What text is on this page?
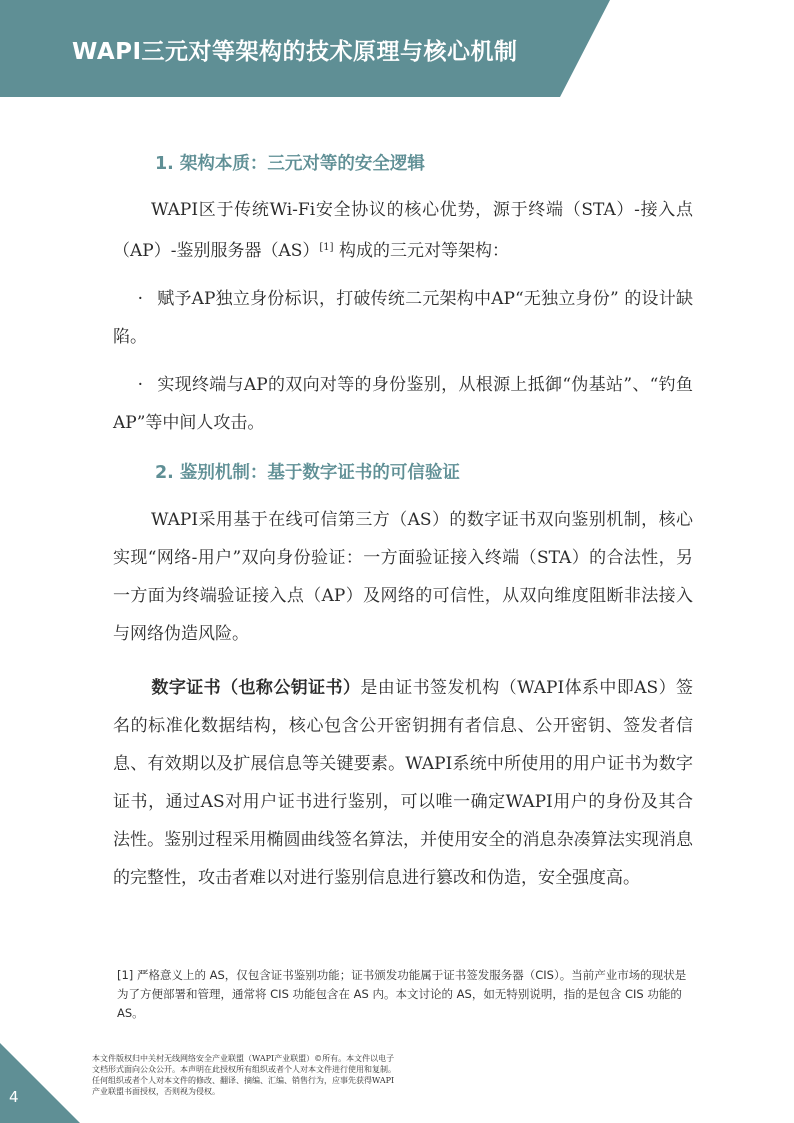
WAPI三元对等架构的技术原理与核心机制
1. 架构本质：三元对等的安全逻辑

WAPI区于传统Wi-Fi安全协议的核心优势，源于终端（STA）-接入点（AP）-鉴别服务器（AS）[1] 构成的三元对等架构：

· 赋予AP独立身份标识，打破传统二元架构中AP“无独立身份” 的设计缺陷。

· 实现终端与AP的双向对等的身份鉴别，从根源上抵御“伪基站”、“钓鱼AP”等中间人攻击。

2. 鉴别机制：基于数字证书的可信验证

WAPI采用基于在线可信第三方（AS）的数字证书双向鉴别机制，核心实现“网络-用户”双向身份验证：一方面验证接入终端（STA）的合法性，另一方面为终端验证接入点（AP）及网络的可信性，从双向维度阻断非法接入与网络伪造风险。

数字证书（也称公钥证书）是由证书签发机构（WAPI体系中即AS）签名的标准化数据结构，核心包含公开密钥拥有者信息、公开密钥、签发者信息、有效期以及扩展信息等关键要素。WAPI系统中所使用的用户证书为数字证书，通过AS对用户证书进行鉴别，可以唯一确定WAPI用户的身份及其合法性。鉴别过程采用椭圆曲线签名算法，并使用安全的消息杂凑算法实现消息的完整性，攻击者难以对进行鉴别信息进行篡改和伪造，安全强度高。

[1] 严格意义上的 AS，仅包含证书鉴别功能；证书颁发功能属于证书签发服务器（CIS）。当前产业市场的现状是为了方便部署和管理，通常将 CIS 功能包含在 AS 内。本文讨论的 AS，如无特别说明，指的是包含 CIS 功能的 AS。
4
本文件版权归中关村无线网络安全产业联盟（WAPI产业联盟）©所有。本文件以电子文档形式面向公众公开。本声明在此授权所有组织或者个人对本文件进行使用和复制。任何组织或者个人对本文件的修改、翻译、摘编、汇编、销售行为，应事先获得WAPI产业联盟书面授权，否则视为侵权。
